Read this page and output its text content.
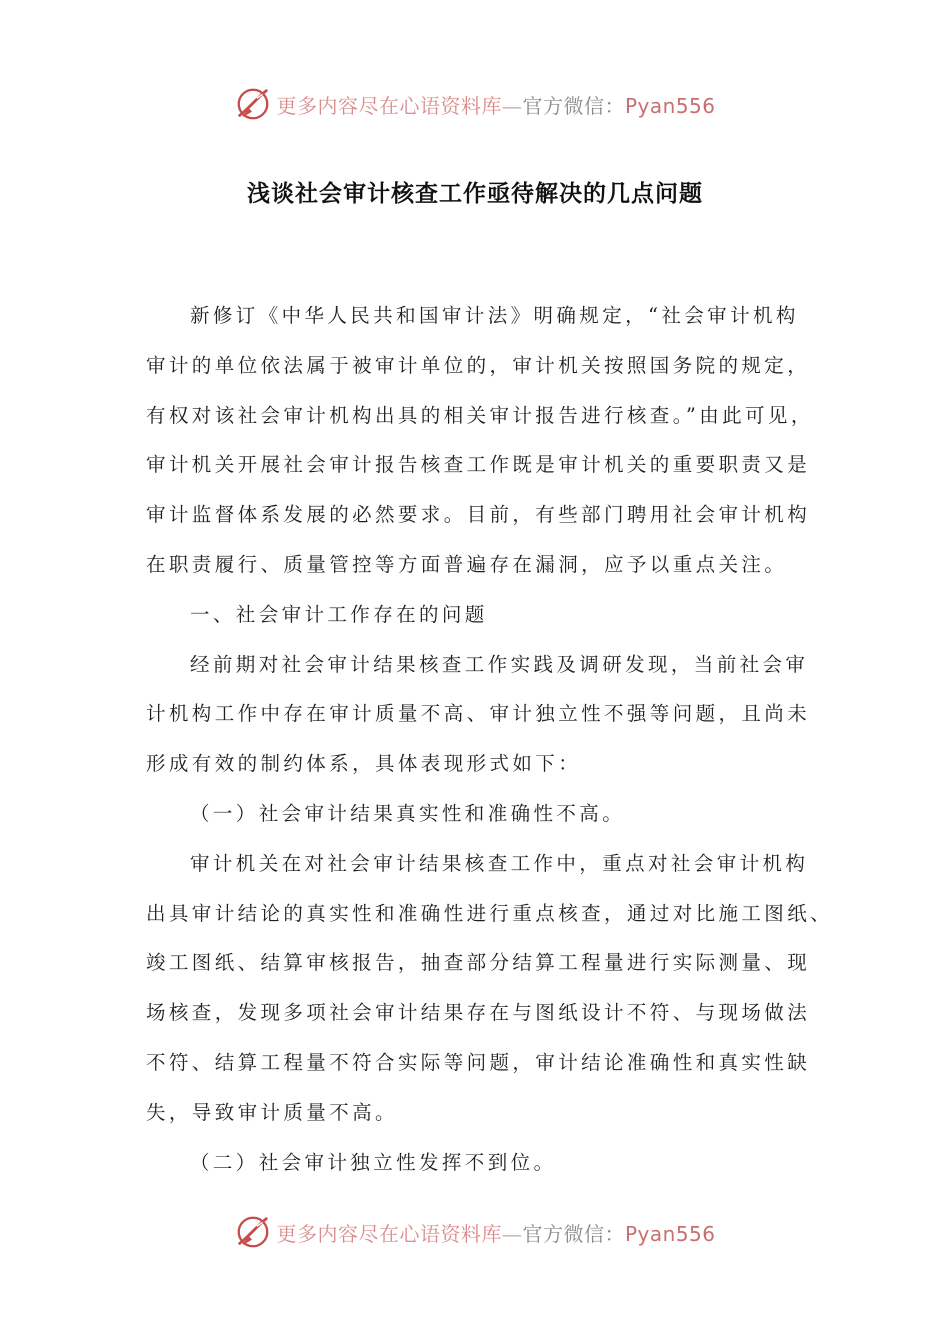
更多内容尽在心语资料库—官方微信：Pyan556
浅谈社会审计核查工作亟待解决的几点问题
新修订《中华人民共和国审计法》明确规定，“社会审计机构
审计的单位依法属于被审计单位的，审计机关按照国务院的规定，
有权对该社会审计机构出具的相关审计报告进行核查。”由此可见，
审计机关开展社会审计报告核查工作既是审计机关的重要职责又是
审计监督体系发展的必然要求。目前，有些部门聘用社会审计机构
在职责履行、质量管控等方面普遍存在漏洞，应予以重点关注。
一、社会审计工作存在的问题
经前期对社会审计结果核查工作实践及调研发现，当前社会审
计机构工作中存在审计质量不高、审计独立性不强等问题，且尚未
形成有效的制约体系，具体表现形式如下：
（一）社会审计结果真实性和准确性不高。
审计机关在对社会审计结果核查工作中，重点对社会审计机构
出具审计结论的真实性和准确性进行重点核查，通过对比施工图纸、
竣工图纸、结算审核报告，抽查部分结算工程量进行实际测量、现
场核查，发现多项社会审计结果存在与图纸设计不符、与现场做法
不符、结算工程量不符合实际等问题，审计结论准确性和真实性缺
失，导致审计质量不高。
（二）社会审计独立性发挥不到位。
更多内容尽在心语资料库—官方微信：Pyan556
